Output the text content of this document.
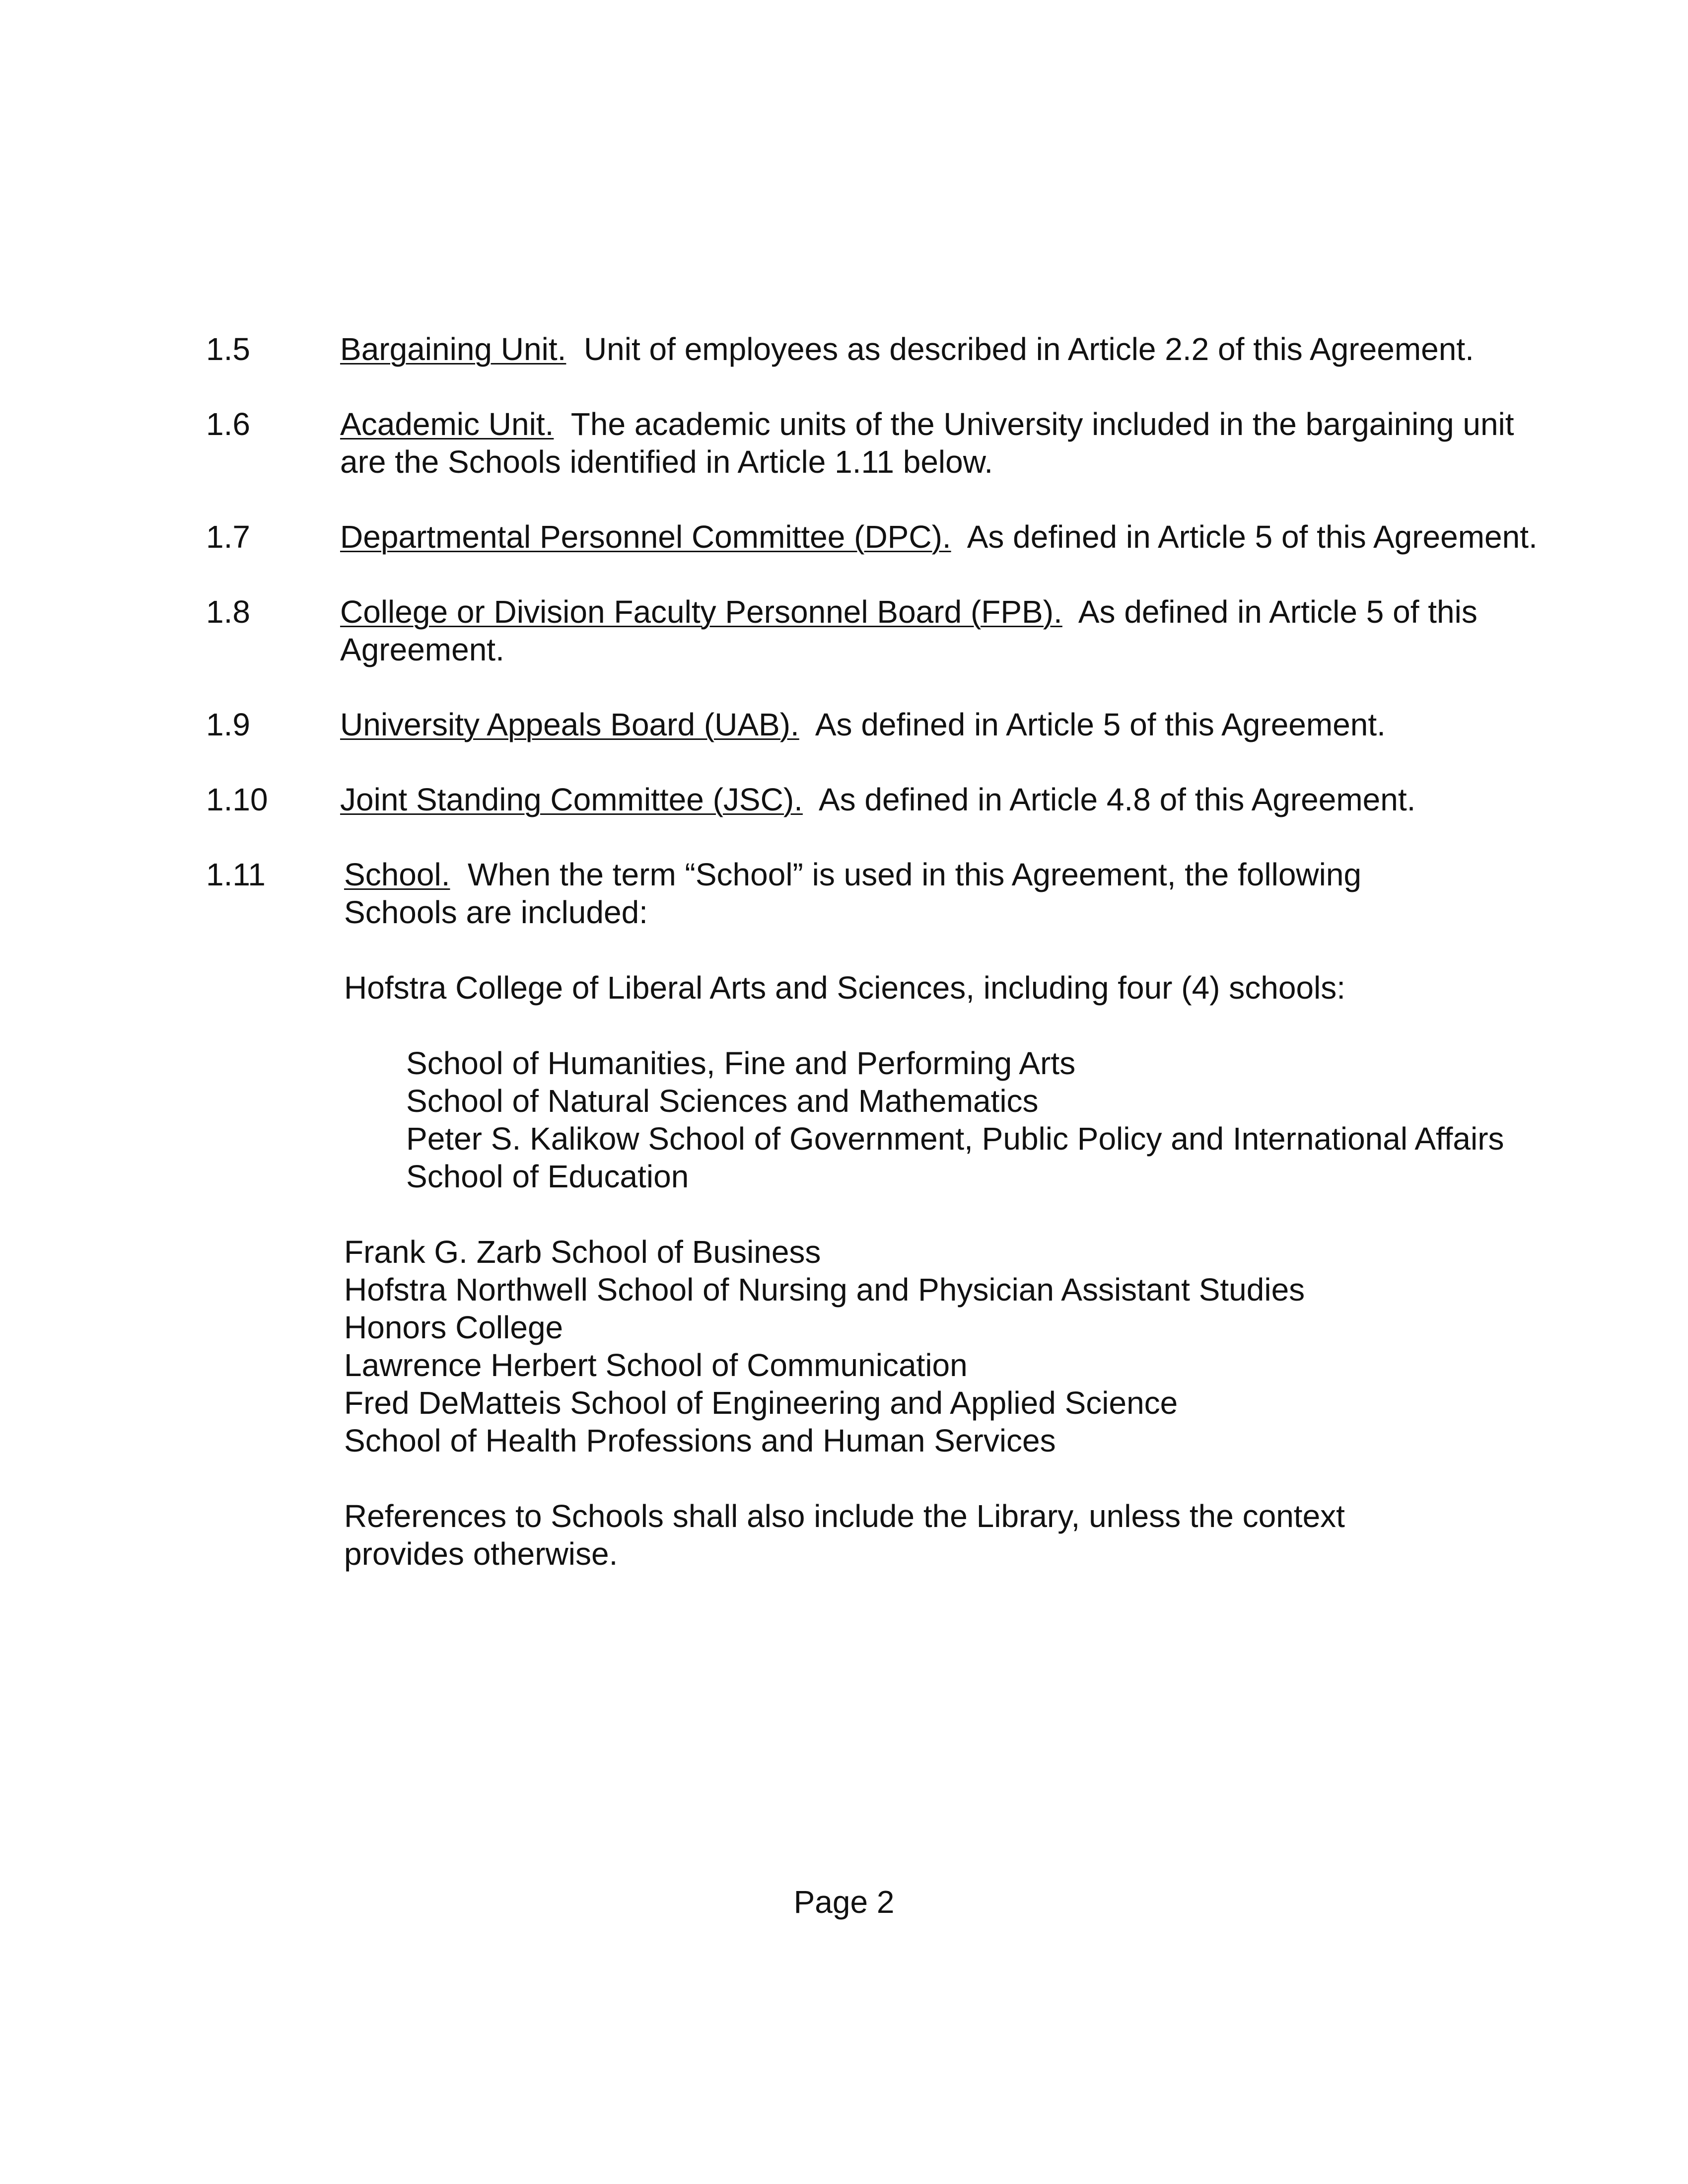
1.5	Bargaining Unit. Unit of employees as described in Article 2.2 of this Agreement.
1.6	Academic Unit. The academic units of the University included in the bargaining unit are the Schools identified in Article 1.11 below.
1.7	Departmental Personnel Committee (DPC). As defined in Article 5 of this Agreement.
1.8	College or Division Faculty Personnel Board (FPB). As defined in Article 5 of this Agreement.
1.9	University Appeals Board (UAB). As defined in Article 5 of this Agreement.
1.10	Joint Standing Committee (JSC). As defined in Article 4.8 of this Agreement.
1.11	School. When the term “School” is used in this Agreement, the following Schools are included:
Hofstra College of Liberal Arts and Sciences, including four (4) schools:
School of Humanities, Fine and Performing Arts
School of Natural Sciences and Mathematics
Peter S. Kalikow School of Government, Public Policy and International Affairs
School of Education
Frank G. Zarb School of Business
Hofstra Northwell School of Nursing and Physician Assistant Studies
Honors College
Lawrence Herbert School of Communication
Fred DeMatteis School of Engineering and Applied Science
School of Health Professions and Human Services
References to Schools shall also include the Library, unless the context provides otherwise.
Page 2
